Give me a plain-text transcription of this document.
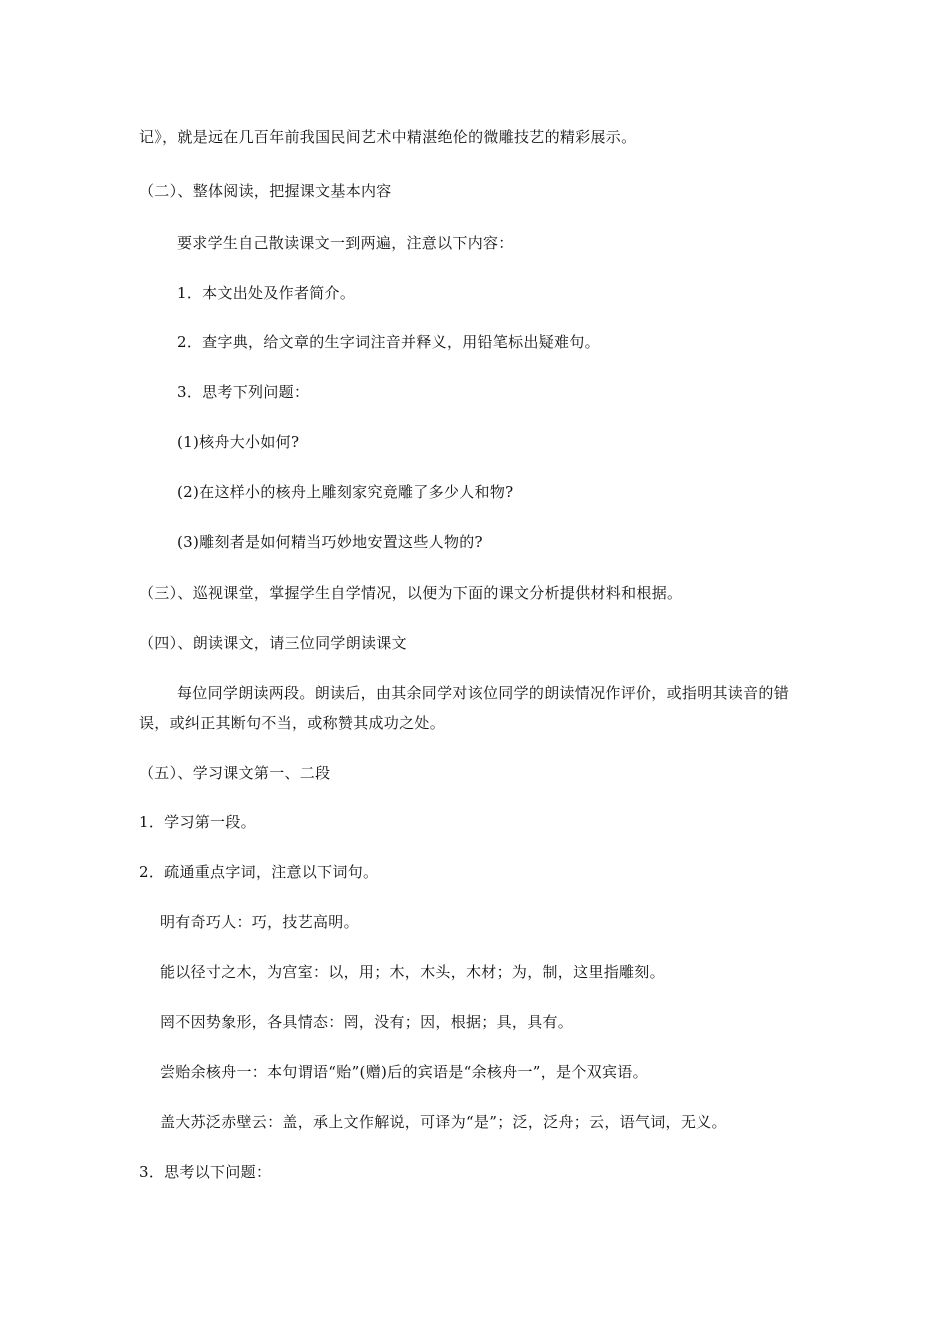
记》，就是远在几百年前我国民间艺术中精湛绝伦的微雕技艺的精彩展示。
（二）、整体阅读，把握课文基本内容
要求学生自己散读课文一到两遍，注意以下内容：
1．本文出处及作者简介。
2．查字典，给文章的生字词注音并释义，用铅笔标出疑难句。
3．思考下列问题：
(1)核舟大小如何?
(2)在这样小的核舟上雕刻家究竟雕了多少人和物?
(3)雕刻者是如何精当巧妙地安置这些人物的?
（三）、巡视课堂，掌握学生自学情况，以便为下面的课文分析提供材料和根据。
（四）、朗读课文，请三位同学朗读课文
每位同学朗读两段。朗读后，由其余同学对该位同学的朗读情况作评价，或指明其读音的错误，或纠正其断句不当，或称赞其成功之处。
（五）、学习课文第一、二段
1．学习第一段。
2．疏通重点字词，注意以下词句。
明有奇巧人：巧，技艺高明。
能以径寸之木，为宫室：以，用；木，木头，木材；为，制，这里指雕刻。
罔不因势象形，各具情态：罔，没有；因，根据；具，具有。
尝贻余核舟一：本句谓语“贻”(赠)后的宾语是“余核舟一”，是个双宾语。
盖大苏泛赤壁云：盖，承上文作解说，可译为“是”；泛，泛舟；云，语气词，无义。
3．思考以下问题：
